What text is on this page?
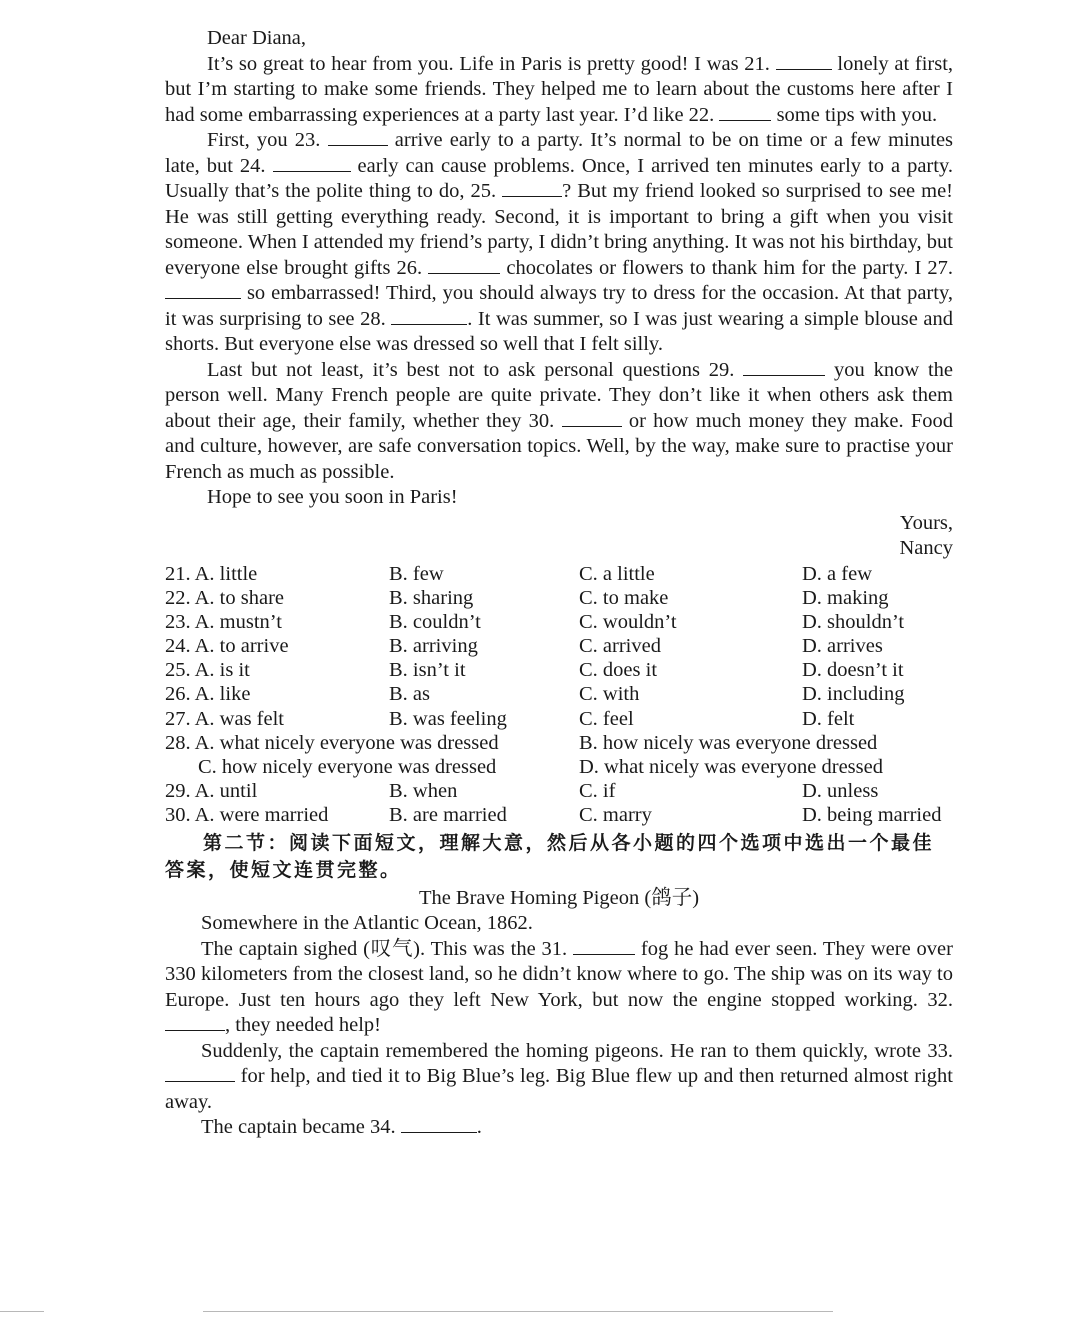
Dear Diana,

It’s so great to hear from you. Life in Paris is pretty good! I was 21.	lonely at first, but I’m starting to make some friends. They helped me to learn about the customs here after I had some embarrassing experiences at a party last year. I’d like 22.	some tips with you.

First, you 23.	arrive early to a party. It’s normal to be on time or a few minutes late, but 24.	early can cause problems. Once, I arrived ten minutes early to a party. Usually that’s the polite thing to do, 25.	? But my friend looked so surprised to see me! He was still getting everything ready. Second, it is important to bring a gift when you visit someone. When I attended my friend’s party, I didn’t bring anything. It was not his birthday, but everyone else brought gifts 26.	chocolates or flowers to thank him for the party. I 27.  so embarrassed! Third, you should always try to dress for the occasion. At that party, it was surprising to see 28.	. It was summer, so I was just wearing a simple blouse and shorts. But everyone else was dressed so well that I felt silly.

Last but not least, it’s best not to ask personal questions 29.	you know the person well. Many French people are quite private. They don’t like it when others ask them about their age, their family, whether they 30.	or how much money they make. Food and culture, however, are safe conversation topics. Well, by the way, make sure to practise your French as much as possible.

Hope to see you soon in Paris!

Yours,

Nancy

21. A. little	B. few	C. a little	D. a few
22. A. to share	B. sharing	C. to make	D. making
23. A. mustn’t	B. couldn’t	C. wouldn’t	D. shouldn’t
24. A. to arrive	B. arriving	C. arrived	D. arrives
25. A. is it	B. isn’t it	C. does it	D. doesn’t it
26. A. like	B. as	C. with	D. including
27. A. was felt	B. was feeling	C. feel	D. felt
28. A. what nicely everyone was dressed	B. how nicely was everyone dressed
C. how nicely everyone was dressed	D. what nicely was everyone dressed
29. A. until	B. when	C. if	D. unless
30. A. were married	B. are married	C. marry	D. being married

第二节：阅读下面短文，理解大意，然后从各小题的四个选项中选出一个最佳
答案，使短文连贯完整。

The Brave Homing Pigeon (鸽子)

Somewhere in the Atlantic Ocean, 1862.

The captain sighed (叹气). This was the 31.	fog he had ever seen. They were over 330 kilometers from the closest land, so he didn’t know where to go. The ship was on its way to Europe. Just ten hours ago they left New York, but now the engine stopped working. 32. , they needed help!

Suddenly, the captain remembered the homing pigeons. He ran to them quickly, wrote 33.  for help, and tied it to Big Blue’s leg. Big Blue flew up and then returned almost right away.

The captain became 34.	.
